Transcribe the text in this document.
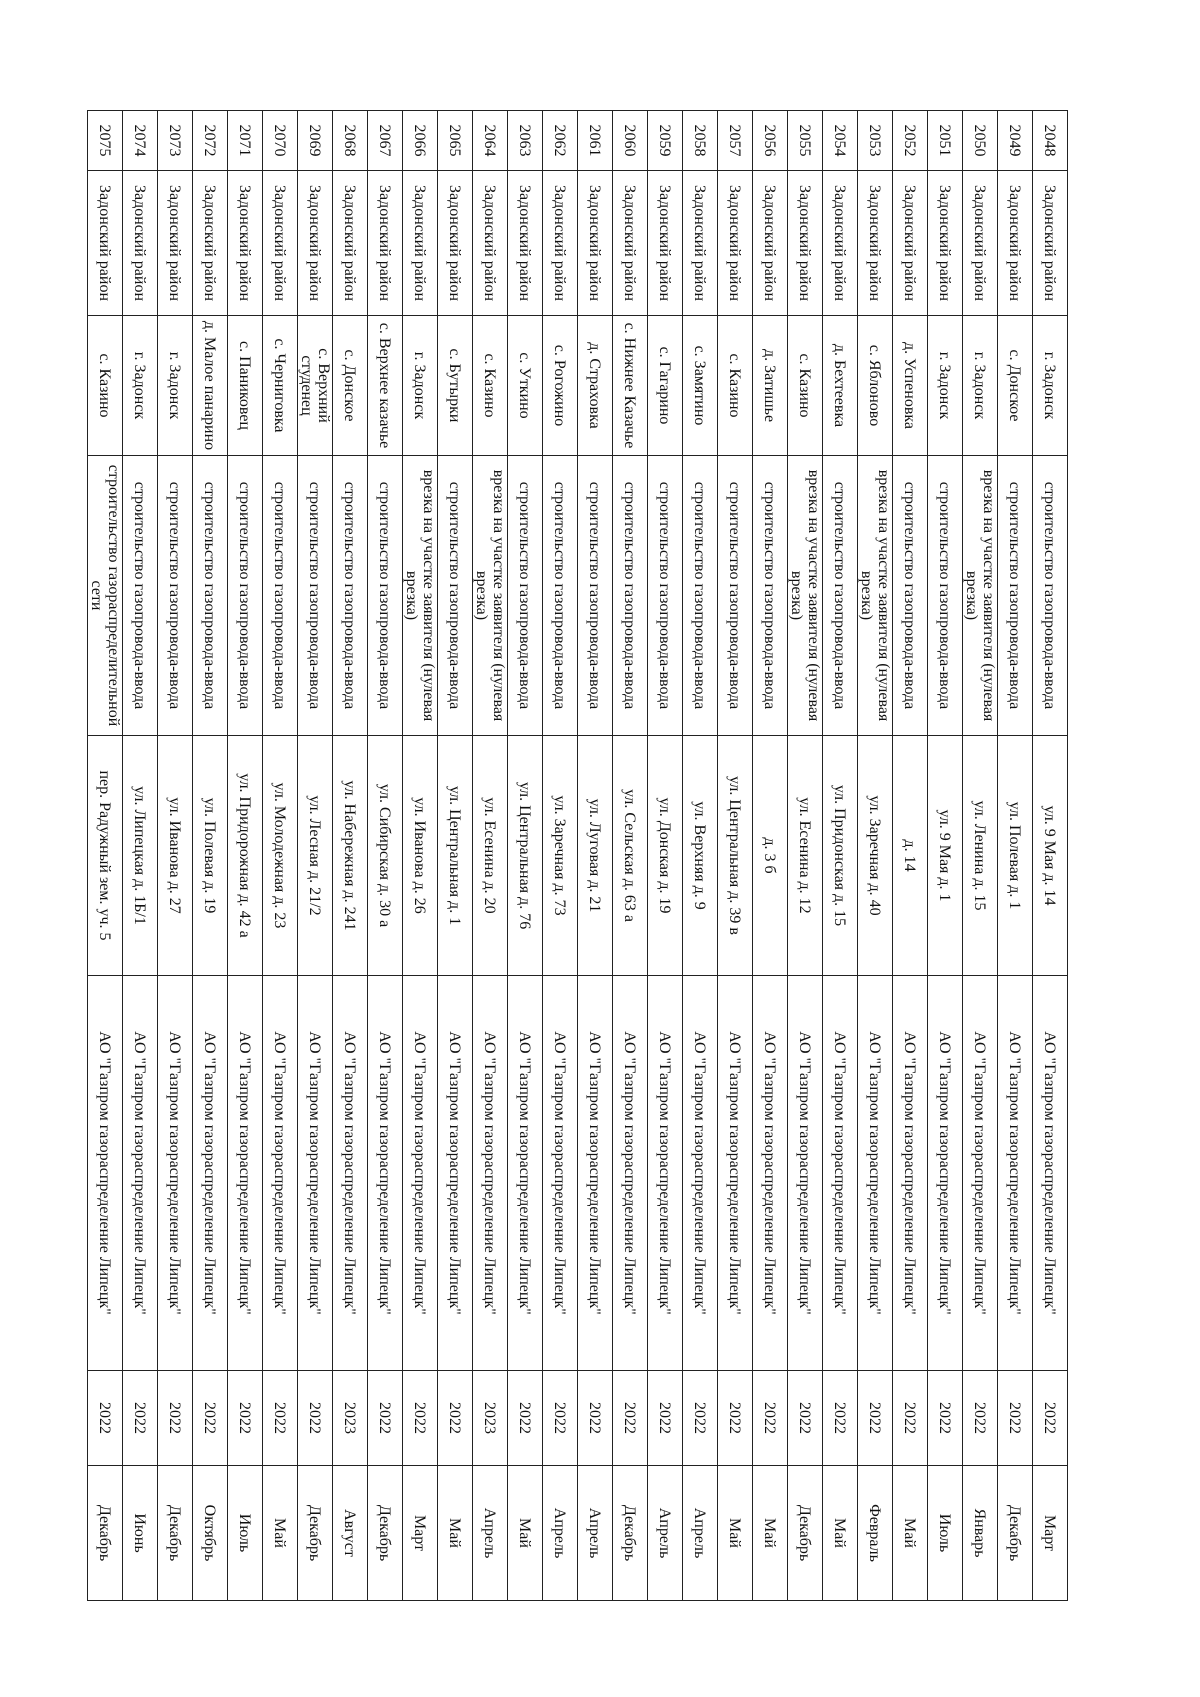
2048	Задонский район	г. Задонск	строительство газопровода-ввода	ул. 9 Мая д. 14	АО "Газпром газораспределение Липецк"	2022	Март
2049	Задонский район	с. Донское	строительство газопровода-ввода	ул. Полевая д. 1	АО "Газпром газораспределение Липецк"	2022	Декабрь
2050	Задонский район	г. Задонск	врезка на участке заявителя (нулевая врезка)	ул. Ленина д. 15	АО "Газпром газораспределение Липецк"	2022	Январь
2051	Задонский район	г. Задонск	строительство газопровода-ввода	ул. 9 Мая д. 1	АО "Газпром газораспределение Липецк"	2022	Июль
2052	Задонский район	д. Успеновка	строительство газопровода-ввода	д. 14	АО "Газпром газораспределение Липецк"	2022	Май
2053	Задонский район	с. Яблоново	врезка на участке заявителя (нулевая врезка)	ул. Заречная д. 40	АО "Газпром газораспределение Липецк"	2022	Февраль
2054	Задонский район	д. Бехтеевка	строительство газопровода-ввода	ул. Придонская д. 15	АО "Газпром газораспределение Липецк"	2022	Май
2055	Задонский район	с. Казино	врезка на участке заявителя (нулевая врезка)	ул. Есенина д. 12	АО "Газпром газораспределение Липецк"	2022	Декабрь
2056	Задонский район	д. Затишье	строительство газопровода-ввода	д. 3 б	АО "Газпром газораспределение Липецк"	2022	Май
2057	Задонский район	с. Казино	строительство газопровода-ввода	ул. Центральная д. 39 в	АО "Газпром газораспределение Липецк"	2022	Май
2058	Задонский район	с. Замятино	строительство газопровода-ввода	ул. Верхняя д. 9	АО "Газпром газораспределение Липецк"	2022	Апрель
2059	Задонский район	с. Гагарино	строительство газопровода-ввода	ул. Донская д. 19	АО "Газпром газораспределение Липецк"	2022	Апрель
2060	Задонский район	с. Нижнее Казачье	строительство газопровода-ввода	ул. Сельская д. 63 а	АО "Газпром газораспределение Липецк"	2022	Декабрь
2061	Задонский район	д. Страховка	строительство газопровода-ввода	ул. Луговая д. 21	АО "Газпром газораспределение Липецк"	2022	Апрель
2062	Задонский район	с. Рогожино	строительство газопровода-ввода	ул. Заречная д. 73	АО "Газпром газораспределение Липецк"	2022	Апрель
2063	Задонский район	с. Уткино	строительство газопровода-ввода	ул. Центральная д. 76	АО "Газпром газораспределение Липецк"	2022	Май
2064	Задонский район	с. Казино	врезка на участке заявителя (нулевая врезка)	ул. Есенина д. 20	АО "Газпром газораспределение Липецк"	2023	Апрель
2065	Задонский район	с. Бутырки	строительство газопровода-ввода	ул. Центральная д. 1	АО "Газпром газораспределение Липецк"	2022	Май
2066	Задонский район	г. Задонск	врезка на участке заявителя (нулевая врезка)	ул. Иванова д. 26	АО "Газпром газораспределение Липецк"	2022	Март
2067	Задонский район	с. Верхнее казачье	строительство газопровода-ввода	ул. Сибирская д. 30 а	АО "Газпром газораспределение Липецк"	2022	Декабрь
2068	Задонский район	с. Донское	строительство газопровода-ввода	ул. Набережная д. 241	АО "Газпром газораспределение Липецк"	2023	Август
2069	Задонский район	с. Верхний студенец	строительство газопровода-ввода	ул. Лесная д. 21/2	АО "Газпром газораспределение Липецк"	2022	Декабрь
2070	Задонский район	с. Черниговка	строительство газопровода-ввода	ул. Молодежная д. 23	АО "Газпром газораспределение Липецк"	2022	Май
2071	Задонский район	с. Паниковец	строительство газопровода-ввода	ул. Придорожная д. 42 а	АО "Газпром газораспределение Липецк"	2022	Июль
2072	Задонский район	д. Малое панарино	строительство газопровода-ввода	ул. Полевая д. 19	АО "Газпром газораспределение Липецк"	2022	Октябрь
2073	Задонский район	г. Задонск	строительство газопровода-ввода	ул. Иванова д. 27	АО "Газпром газораспределение Липецк"	2022	Декабрь
2074	Задонский район	г. Задонск	строительство газопровода-ввода	ул. Липецкая д. 1Б/1	АО "Газпром газораспределение Липецк"	2022	Июнь
2075	Задонский район	с. Казино	строительство газораспределительной сети	пер. Радужный зем. уч. 5	АО "Газпром газораспределение Липецк"	2022	Декабрь
